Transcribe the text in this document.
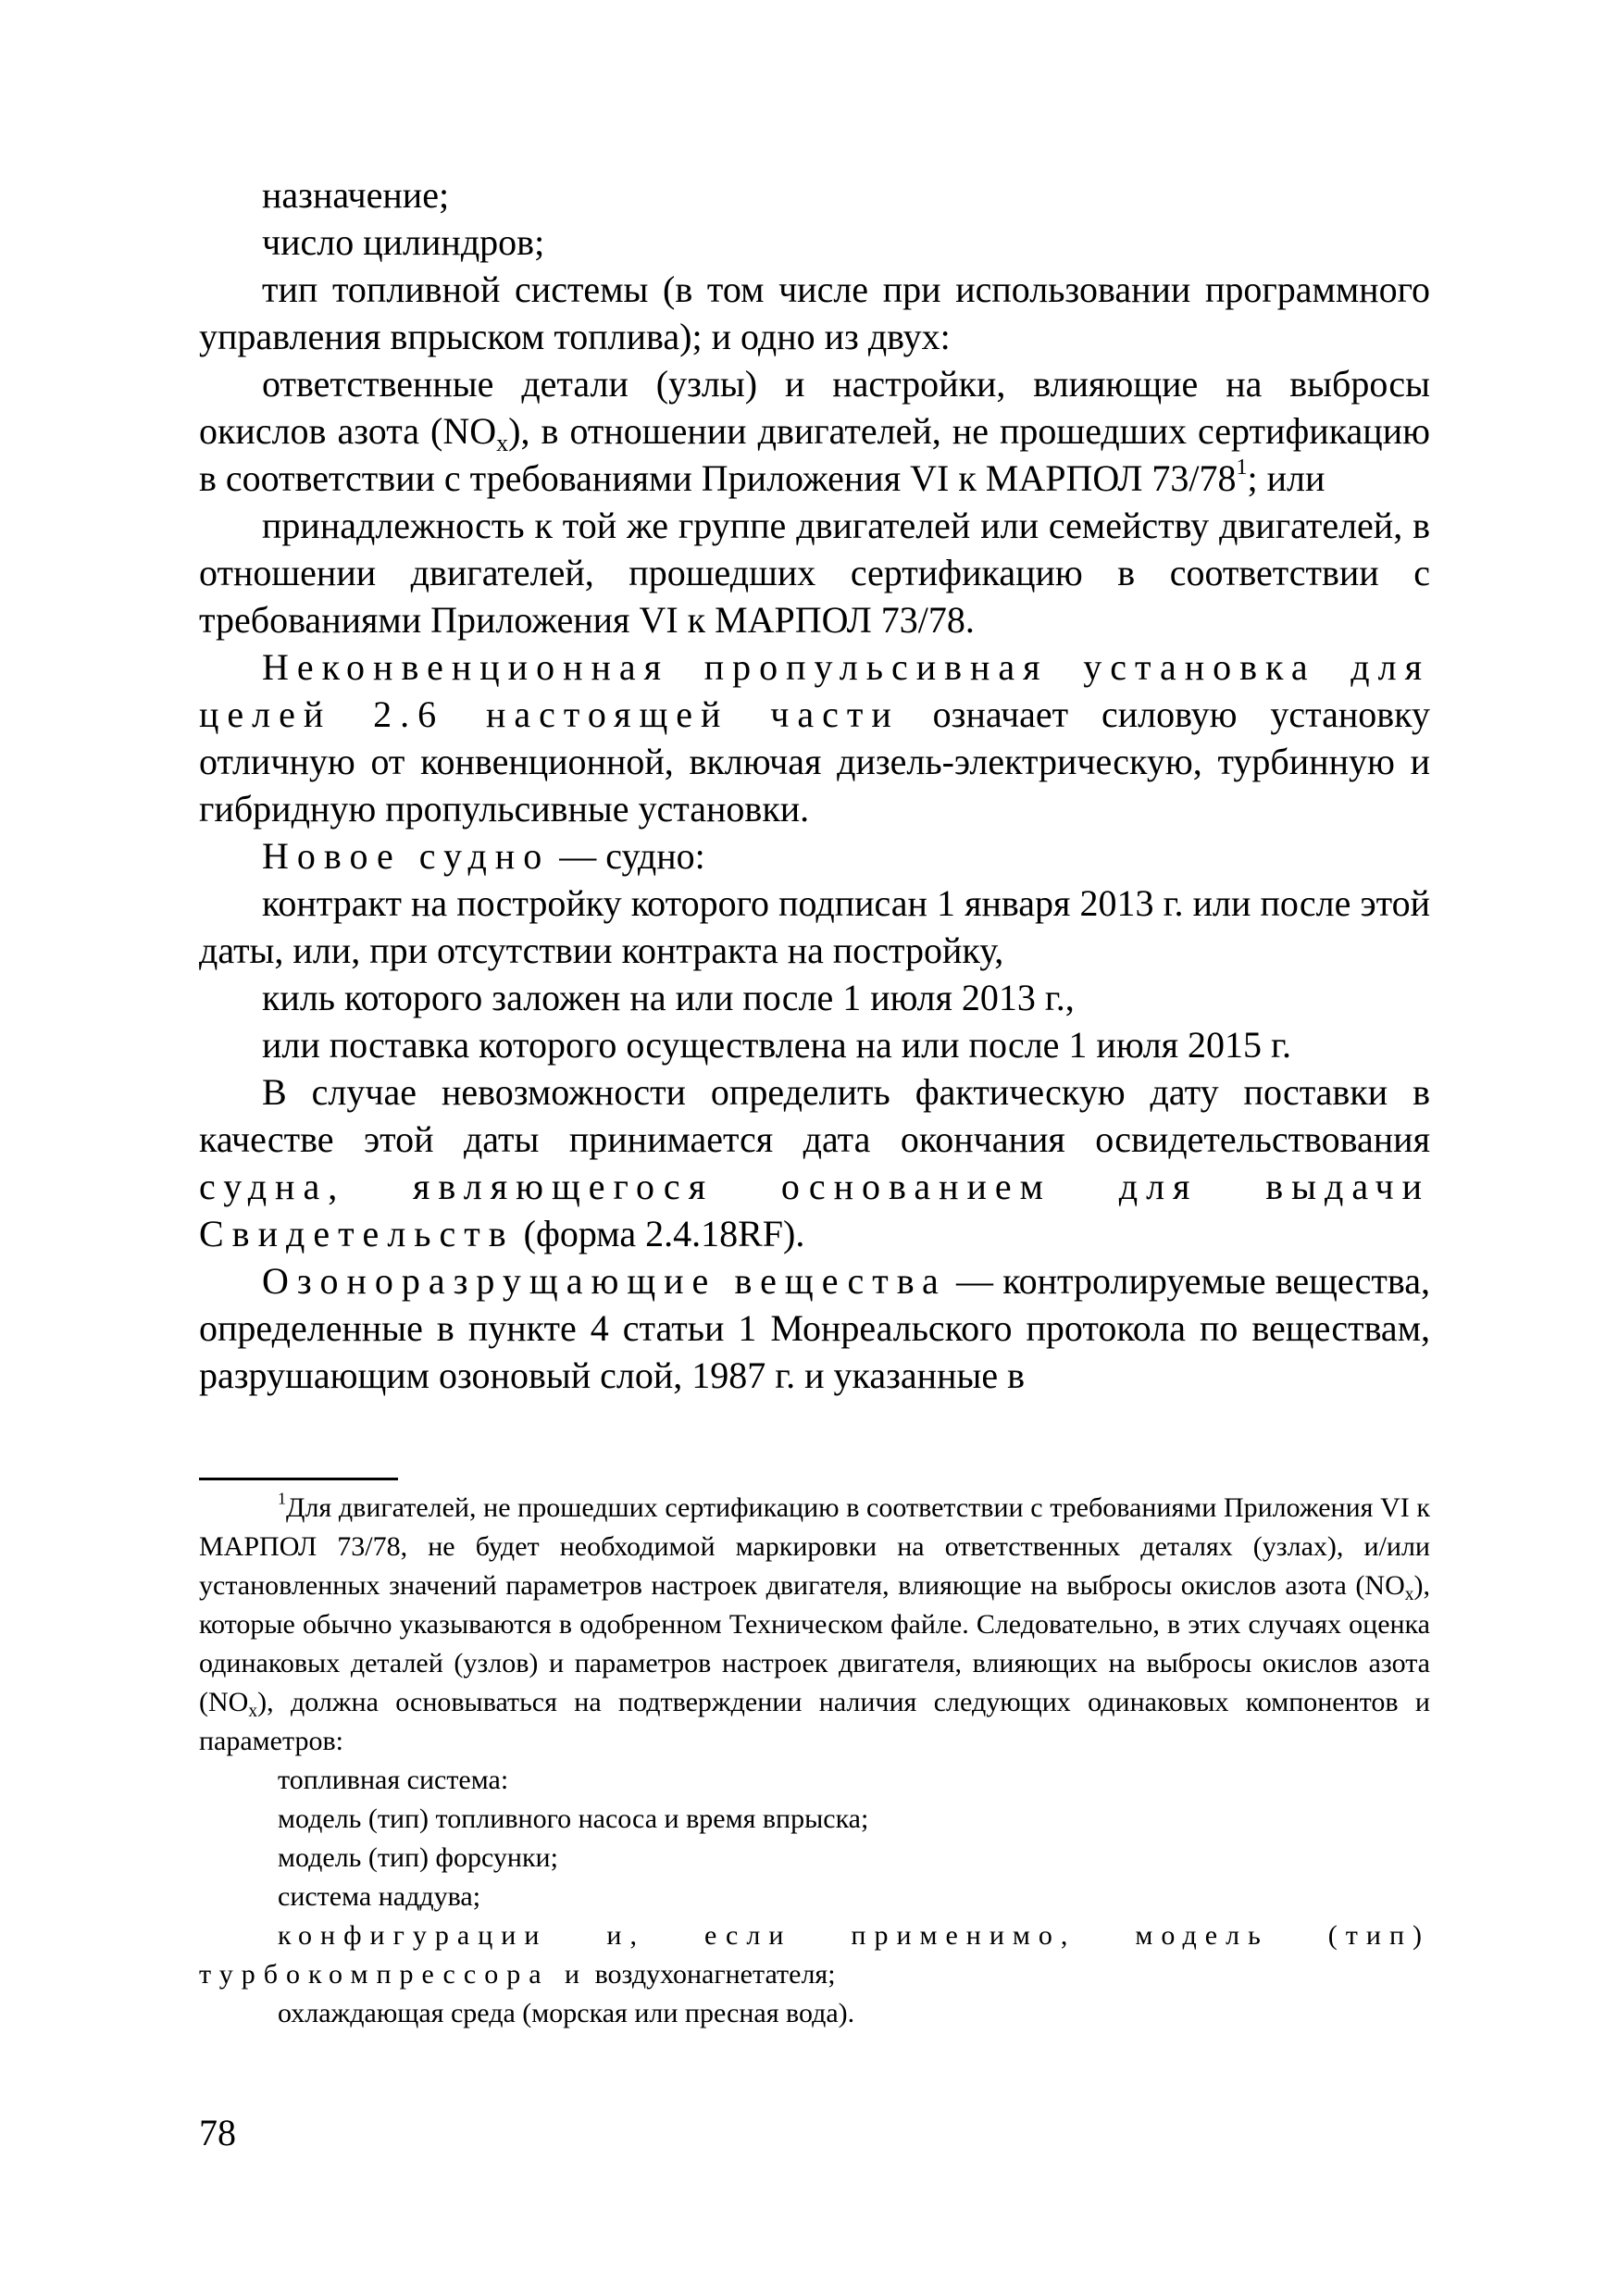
назначение;

число цилиндров;

тип топливной системы (в том числе при использовании программного управления впрыском топлива); и одно из двух:

ответственные детали (узлы) и настройки, влияющие на выбросы окислов азота $(NO_x)$, в отношении двигателей, не прошедших сертификацию в соответствии с требованиями Приложения VI к МАРПОЛ $73/78^1$; или

принадлежность к той же группе двигателей или семейству двигателей, в отношении двигателей, прошедших сертификацию в соответствии с требованиями Приложения VI к МАРПОЛ 73/78.

Неконвенционная пропульсивная установка для целей 2.6 настоящей части означает силовую установку отличную от конвенционной, включая дизель-электрическую, турбинную и гибридную пропульсивные установки.

Новое судно — судно:

контракт на постройку которого подписан 1 января 2013 г. или после этой даты, или, при отсутствии контракта на постройку,

киль которого заложен на или после 1 июля 2013 г.,

или поставка которого осуществлена на или после 1 июля 2015 г.

В случае невозможности определить фактическую дату поставки в качестве этой даты принимается дата окончания освидетельствования судна, являющегося основанием для выдачи Свидетельств (форма 2.4.18RF).

Озоноразрущающие вещества — контролируемые вещества, определенные в пункте 4 статьи 1 Монреальского протокола по веществам, разрушающим озоновый слой, 1987 г. и указанные в

$^1$Для двигателей, не прошедших сертификацию в соответствии с требованиями Приложения VI к МАРПОЛ 73/78, не будет необходимой маркировки на ответственных деталях (узлах), и/или установленных значений параметров настроек двигателя, влияющие на выбросы окислов азота $(NO_x)$, которые обычно указываются в одобренном Техническом файле. Следовательно, в этих случаях оценка одинаковых деталей (узлов) и параметров настроек двигателя, влияющих на выбросы окислов азота $(NO_x)$, должна основываться на подтверждении наличия следующих одинаковых компонентов и параметров:

топливная система:

модель (тип) топливного насоса и время впрыска;

модель (тип) форсунки;

система наддува;

конфигурации и, если применимо, модель (тип) турбокомпрессора и воздухонагнетателя;

охлаждающая среда (морская или пресная вода).

78
